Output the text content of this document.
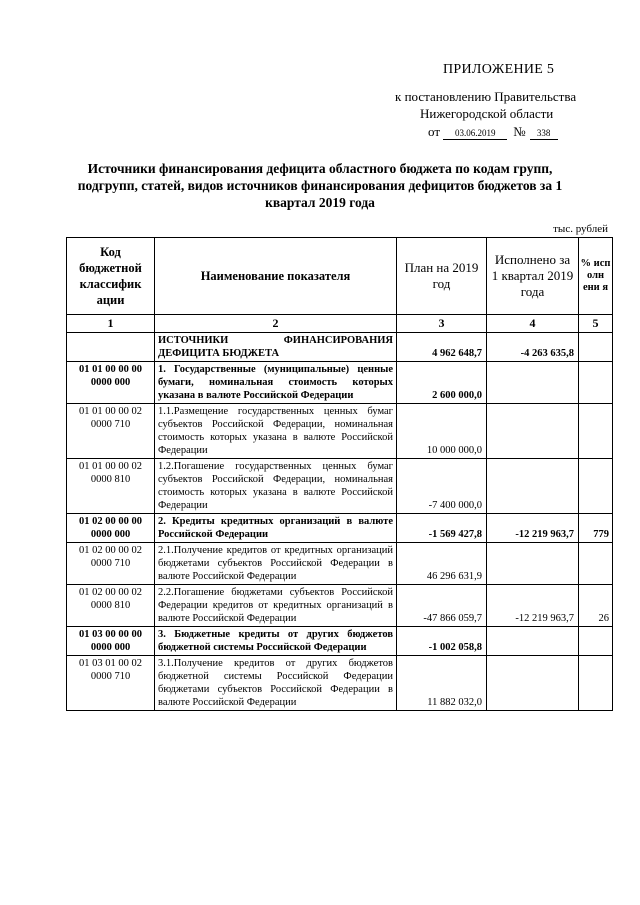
ПРИЛОЖЕНИЕ 5
к постановлению Правительства
Нижегородской области
от 03.06.2019 № 338
Источники финансирования дефицита областного бюджета по кодам групп, подгрупп, статей, видов источников финансирования дефицитов бюджетов за 1 квартал 2019 года
тыс. рублей
Код бюджетной классифик ации	Наименование показателя	План на 2019 год	Исполнено за 1 квартал 2019 года	% исп олн ени я
1	2	3	4	5
	ИСТОЧНИКИ ФИНАНСИРОВАНИЯ ДЕФИЦИТА БЮДЖЕТА	4 962 648,7	-4 263 635,8	
01 01 00 00 00 0000 000	1. Государственные (муниципальные) ценные бумаги, номинальная стоимость которых указана в валюте Российской Федерации	2 600 000,0		
01 01 00 00 02 0000 710	1.1.Размещение государственных ценных бумаг субъектов Российской Федерации, номинальная стоимость которых указана в валюте Российской Федерации	10 000 000,0		
01 01 00 00 02 0000 810	1.2.Погашение государственных ценных бумаг субъектов Российской Федерации, номинальная стоимость которых указана в валюте Российской Федерации	-7 400 000,0		
01 02 00 00 00 0000 000	2. Кредиты кредитных организаций в валюте Российской Федерации	-1 569 427,8	-12 219 963,7	779
01 02 00 00 02 0000 710	2.1.Получение кредитов от кредитных организаций бюджетами субъектов Российской Федерации в валюте Российской Федерации	46 296 631,9		
01 02 00 00 02 0000 810	2.2.Погашение бюджетами субъектов Российской Федерации кредитов от кредитных организаций в валюте Российской Федерации	-47 866 059,7	-12 219 963,7	26
01 03 00 00 00 0000 000	3. Бюджетные кредиты от других бюджетов бюджетной системы Российской Федерации	-1 002 058,8		
01 03 01 00 02 0000 710	3.1.Получение кредитов от других бюджетов бюджетной системы Российской Федерации бюджетами субъектов Российской Федерации в валюте Российской Федерации	11 882 032,0		
